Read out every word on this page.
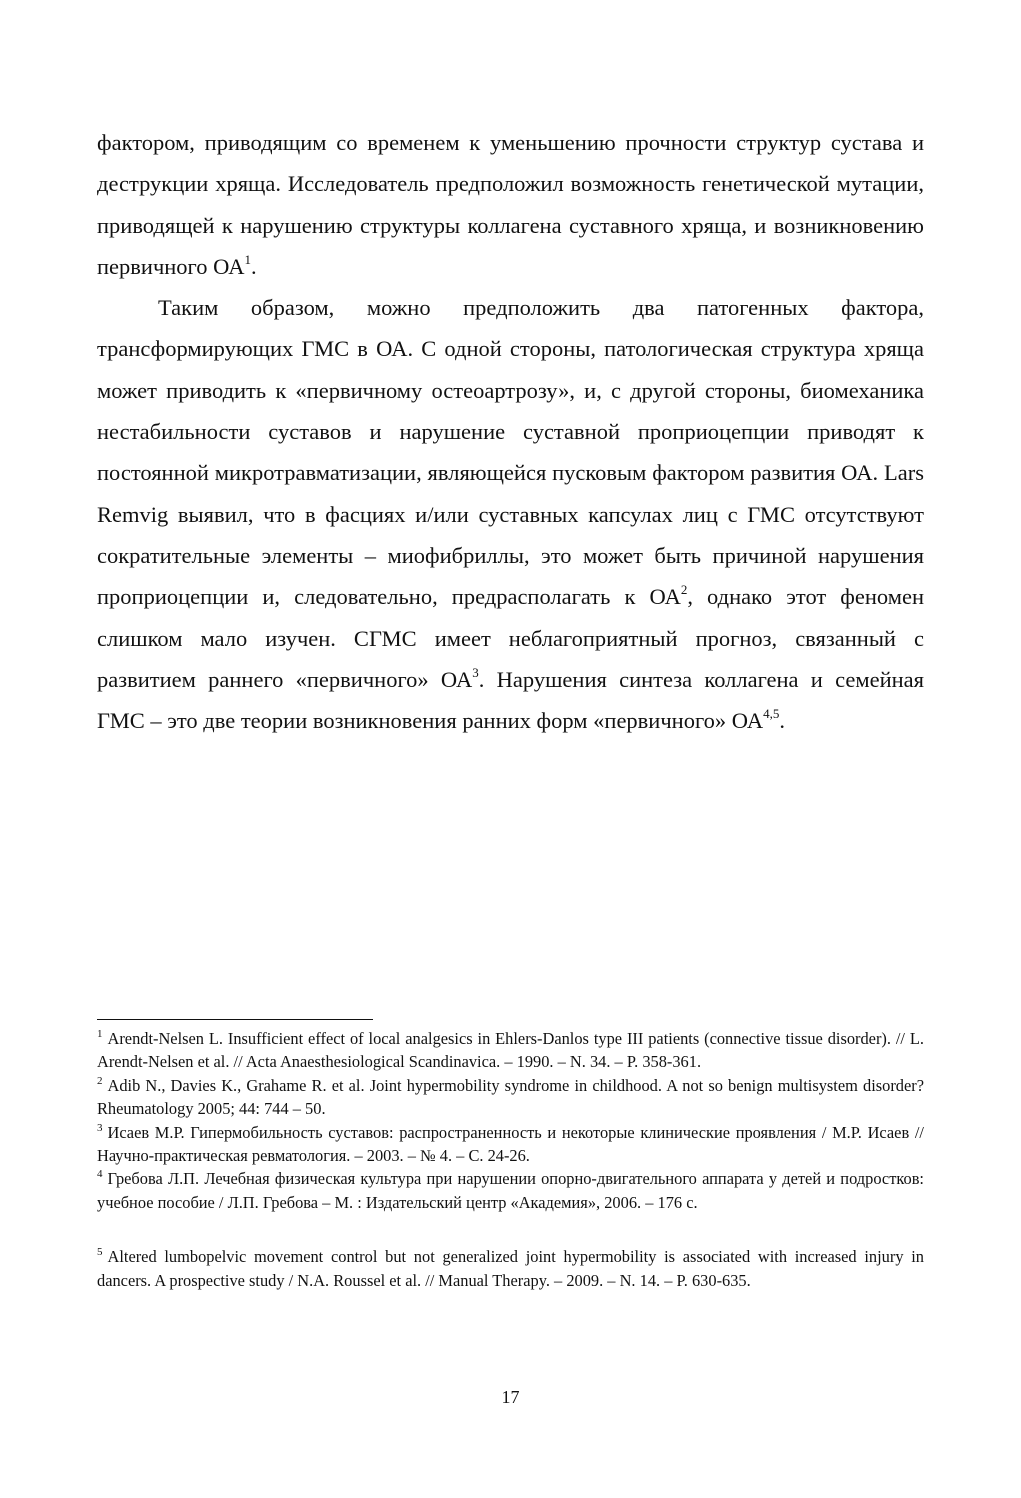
фактором, приводящим со временем к уменьшению прочности структур сустава и деструкции хряща. Исследователь предположил возможность генетической мутации, приводящей к нарушению структуры коллагена суставного хряща, и возникновению первичного $ОА^1$.

Таким образом, можно предположить два патогенных фактора, трансформирующих ГМС в ОА. С одной стороны, патологическая структура хряща может приводить к «первичному остеоартрозу», и, с другой стороны, биомеханика нестабильности суставов и нарушение суставной проприоцепции приводят к постоянной микротравматизации, являющейся пусковым фактором развития ОА. Lars Remvig выявил, что в фасциях и/или суставных капсулах лиц с ГМС отсутствуют сократительные элементы – миофибриллы, это может быть причиной нарушения проприоцепции и, следовательно, предрасполагать к $ОА^2$, однако этот феномен слишком мало изучен. СГМС имеет неблагоприятный прогноз, связанный с развитием раннего «первичного» $ОА^3$. Нарушения синтеза коллагена и семейная ГМС – это две теории возникновения ранних форм «первичного» ОА$^{4,5}$.

$^1$ Arendt-Nelsen L. Insufficient effect of local analgesics in Ehlers-Danlos type III patients (connective tissue disorder). // L. Arendt-Nelsen et al. // Acta Anaesthesiological Scandinavica. – 1990. – N. 34. – P. 358-361.

$^2$ Adib N., Davies K., Grahame R. et al. Joint hypermobility syndrome in childhood. A not so benign multisystem disorder? Rheumatology 2005; 44: 744 – 50.

$^3$ Исаев М.Р. Гипермобильность суставов: распространенность и некоторые клинические проявления / М.Р. Исаев // Научно-практическая ревматология. – 2003. – № 4. – С. 24-26.

$^4$ Гребова Л.П. Лечебная физическая культура при нарушении опорно-двигательного аппарата у детей и подростков: учебное пособие / Л.П. Гребова – М. : Издательский центр «Академия», 2006. – 176 с.

$^5$ Altered lumbopelvic movement control but not generalized joint hypermobility is associated with increased injury in dancers. A prospective study / N.A. Roussel et al. // Manual Therapy. – 2009. – N. 14. – P. 630-635.

17
